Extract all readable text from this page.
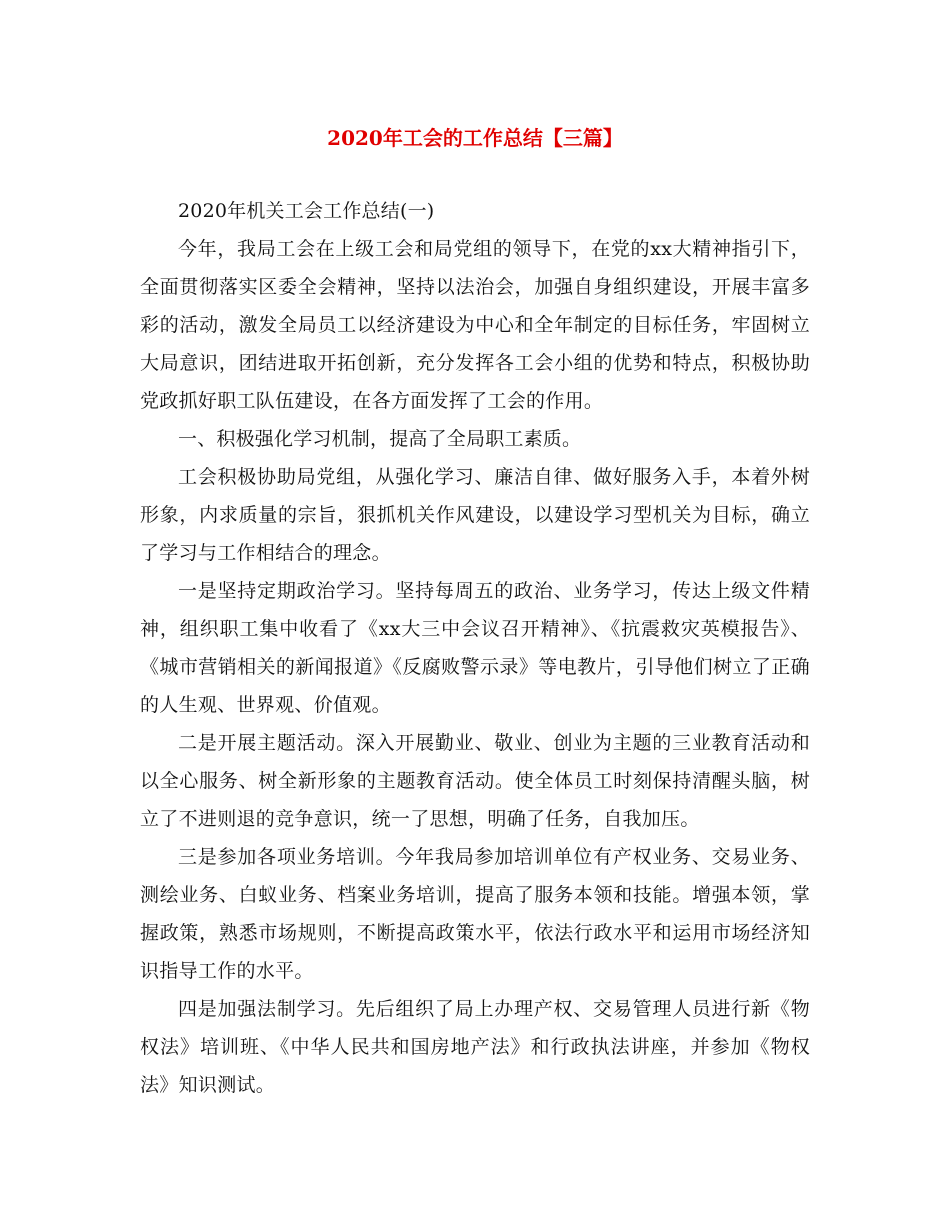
2020年工会的工作总结【三篇】

2020年机关工会工作总结(一)

今年，我局工会在上级工会和局党组的领导下，在党的xx大精神指引下，全面贯彻落实区委全会精神，坚持以法治会，加强自身组织建设，开展丰富多彩的活动，激发全局员工以经济建设为中心和全年制定的目标任务，牢固树立大局意识，团结进取开拓创新，充分发挥各工会小组的优势和特点，积极协助党政抓好职工队伍建设，在各方面发挥了工会的作用。

一、积极强化学习机制，提高了全局职工素质。

工会积极协助局党组，从强化学习、廉洁自律、做好服务入手，本着外树形象，内求质量的宗旨，狠抓机关作风建设，以建设学习型机关为目标，确立了学习与工作相结合的理念。

一是坚持定期政治学习。坚持每周五的政治、业务学习，传达上级文件精神，组织职工集中收看了《xx大三中会议召开精神》、《抗震救灾英模报告》、《城市营销相关的新闻报道》《反腐败警示录》等电教片，引导他们树立了正确的人生观、世界观、价值观。

二是开展主题活动。深入开展勤业、敬业、创业为主题的三业教育活动和以全心服务、树全新形象的主题教育活动。使全体员工时刻保持清醒头脑，树立了不进则退的竞争意识，统一了思想，明确了任务，自我加压。

三是参加各项业务培训。今年我局参加培训单位有产权业务、交易业务、测绘业务、白蚁业务、档案业务培训，提高了服务本领和技能。增强本领，掌握政策，熟悉市场规则，不断提高政策水平，依法行政水平和运用市场经济知识指导工作的水平。

四是加强法制学习。先后组织了局上办理产权、交易管理人员进行新《物权法》培训班、《中华人民共和国房地产法》和行政执法讲座，并参加《物权法》知识测试。
